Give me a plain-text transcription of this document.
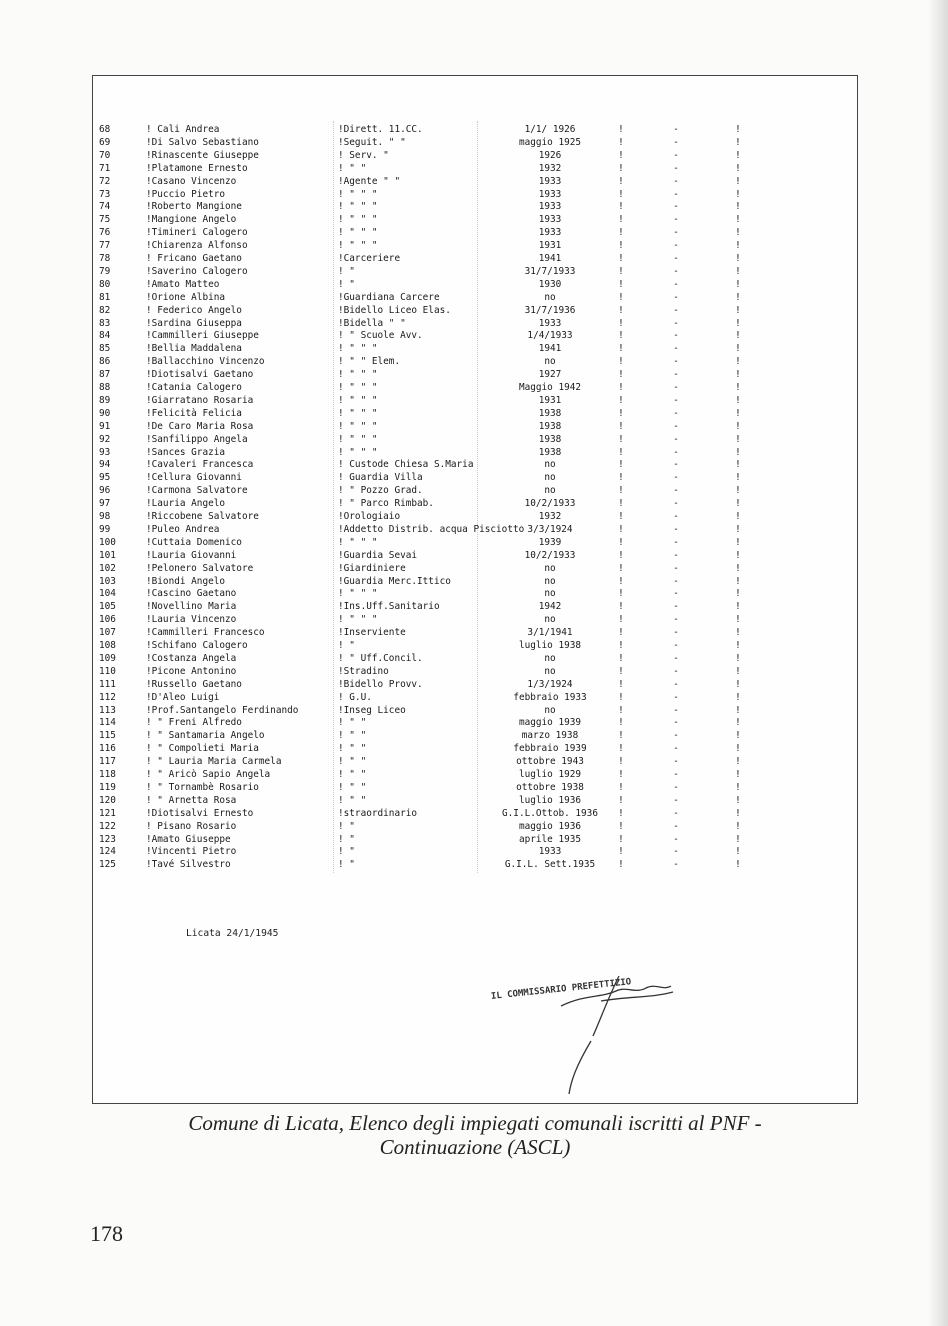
68	! Cali Andrea	!Dirett. 11.CC.	1/1/ 1926	!	-	!
69	!Di Salvo Sebastiano	!Seguit. " "	maggio 1925	!	-	!
70	!Rinascente Giuseppe	! Serv. "	1926	!	-	!
71	!Platamone Ernesto	! " "	1932	!	-	!
72	!Casano Vincenzo	!Agente " "	1933	!	-	!
73	!Puccio Pietro	! " " "	1933	!	-	!
74	!Roberto Mangione	! " " "	1933	!	-	!
75	!Mangione Angelo	! " " "	1933	!	-	!
76	!Timineri Calogero	! " " "	1933	!	-	!
77	!Chiarenza Alfonso	! " " "	1931	!	-	!
78	! Fricano Gaetano	!Carceriere	1941	!	-	!
79	!Saverino Calogero	! "	31/7/1933	!	-	!
80	!Amato Matteo	! "	1930	!	-	!
81	!Orione Albina	!Guardiana Carcere	no	!	-	!
82	! Federico Angelo	!Bidello Liceo Elas.	31/7/1936	!	-	!
83	!Sardina Giuseppa	!Bidella " "	1933	!	-	!
84	!Cammilleri Giuseppe	! " Scuole Avv.	1/4/1933	!	-	!
85	!Bellia Maddalena	! " " "	1941	!	-	!
86	!Ballacchino Vincenzo	! " " Elem.	no	!	-	!
87	!Diotisalvi Gaetano	! " " "	1927	!	-	!
88	!Catania Calogero	! " " "	Maggio 1942	!	-	!
89	!Giarratano Rosaria	! " " "	1931	!	-	!
90	!Felicità Felicia	! " " "	1938	!	-	!
91	!De Caro Maria Rosa	! " " "	1938	!	-	!
92	!Sanfilippo Angela	! " " "	1938	!	-	!
93	!Sances Grazia	! " " "	1938	!	-	!
94	!Cavaleri Francesca	! Custode Chiesa S.Maria	no	!	-	!
95	!Cellura Giovanni	! Guardia Villa	no	!	-	!
96	!Carmona Salvatore	! " Pozzo Grad.	no	!	-	!
97	!Lauria Angelo	! " Parco Rimbab.	10/2/1933	!	-	!
98	!Riccobene Salvatore	!Orologiaio	1932	!	-	!
99	!Puleo Andrea	!Addetto Distrib. acqua Pisciotto 3/3/1924	!	-	!
100	!Cuttaia Domenico	! " " "	1939	!	-	!
101	!Lauria Giovanni	!Guardia Sevai	10/2/1933	!	-	!
102	!Pelonero Salvatore	!Giardiniere	no	!	-	!
103	!Biondi Angelo	!Guardia Merc.Ittico	no	!	-	!
104	!Cascino Gaetano	! " " "	no	!	-	!
105	!Novellino Maria	!Ins.Uff.Sanitario	1942	!	-	!
106	!Lauria Vincenzo	! " " "	no	!	-	!
107	!Cammilleri Francesco	!Inserviente	3/1/1941	!	-	!
108	!Schifano Calogero	! "	luglio 1938	!	-	!
109	!Costanza Angela	! " Uff.Concil.	no	!	-	!
110	!Picone Antonino	!Stradino	no	!	-	!
111	!Russello Gaetano	!Bidello Provv.	1/3/1924	!	-	!
112	!D'Aleo Luigi	! G.U.	febbraio 1933	!	-	!
113	!Prof.Santangelo Ferdinando	!Inseg Liceo	no	!	-	!
114	! " Freni Alfredo	! " "	maggio 1939	!	-	!
115	! " Santamaria Angelo	! " "	marzo 1938	!	-	!
116	! " Compolieti Maria	! " "	febbraio 1939	!	-	!
117	! " Lauria Maria Carmela	! " "	ottobre 1943	!	-	!
118	! " Aricò Sapio Angela	! " "	luglio 1929	!	-	!
119	! " Tornambè Rosario	! " "	ottobre 1938	!	-	!
120	! " Arnetta Rosa	! " "	luglio 1936	!	-	!
121	!Diotisalvi Ernesto	!straordinario	G.I.L.Ottob. 1936	!	-	!
122	! Pisano Rosario	! "	maggio 1936	!	-	!
123	!Amato Giuseppe	! "	aprile 1935	!	-	!
124	!Vincenti Pietro	! "	1933	!	-	!
125	!Tavé Silvestro	! "	G.I.L. Sett.1935	!	-	!
Licata 24/1/1945
IL COMMISSARIO PREFETTIZIO
Comune di Licata, Elenco degli impiegati comunali iscritti al PNF -
Continuazione (ASCL)
178
